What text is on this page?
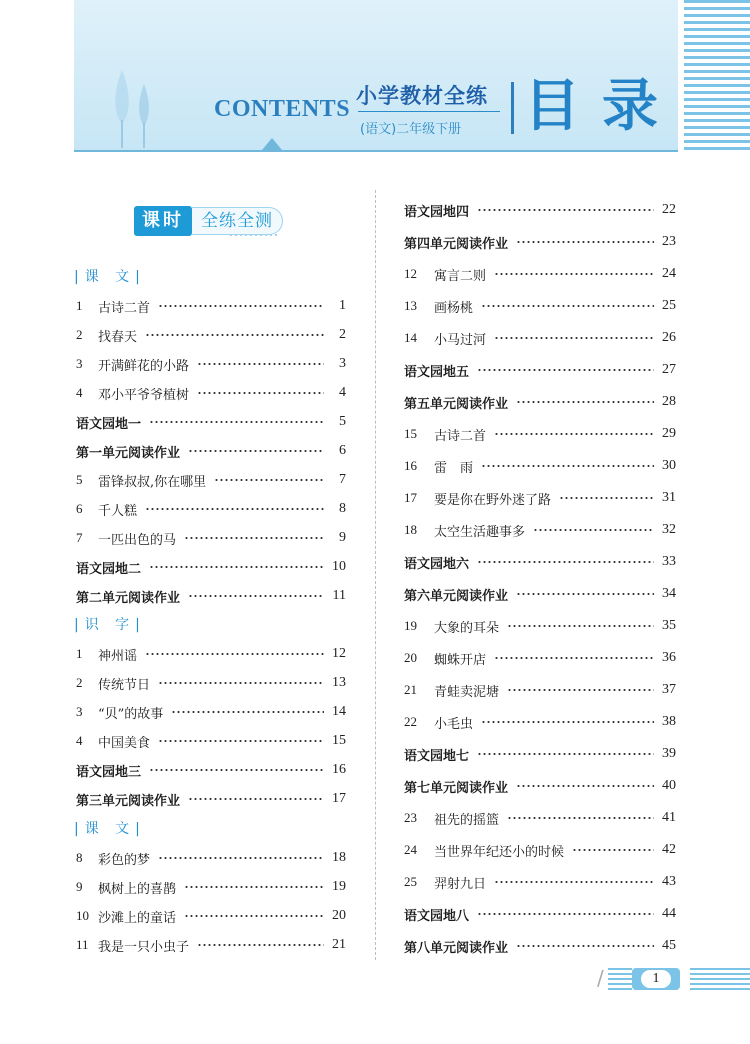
CONTENTS 小学教材全练
(语文)二年级下册 目录
课时	全练全测
|课 文|
|识 字|
|课 文|
1	古诗二首	1
2	找春天	2
3	开满鲜花的小路	3
4	邓小平爷爷植树	4
语文园地一	5
第一单元阅读作业	6
5	雷锋叔叔,你在哪里	7
6	千人糕	8
7	一匹出色的马	9
语文园地二	10
第二单元阅读作业	11
1	神州谣	12
2	传统节日	13
3	“贝”的故事	14
4	中国美食	15
语文园地三	16
第三单元阅读作业	17
8	彩色的梦	18
9	枫树上的喜鹊	19
10 沙滩上的童话	20
11 我是一只小虫子	21
语文园地四	22
第四单元阅读作业	23
12	寓言二则	24
13	画杨桃	25
14	小马过河	26
语文园地五	27
第五单元阅读作业	28
15	古诗二首	29
16	雷　雨	30
17	要是你在野外迷了路	31
18	太空生活趣事多	32
语文园地六	33
第六单元阅读作业	34
19	大象的耳朵	35
20	蜘蛛开店	36
21	青蛙卖泥塘	37
22	小毛虫	38
语文园地七	39
第七单元阅读作业	40
23	祖先的摇篮	41
24	当世界年纪还小的时候	42
25	羿射九日	43
语文园地八	44
第八单元阅读作业	45
/	1
